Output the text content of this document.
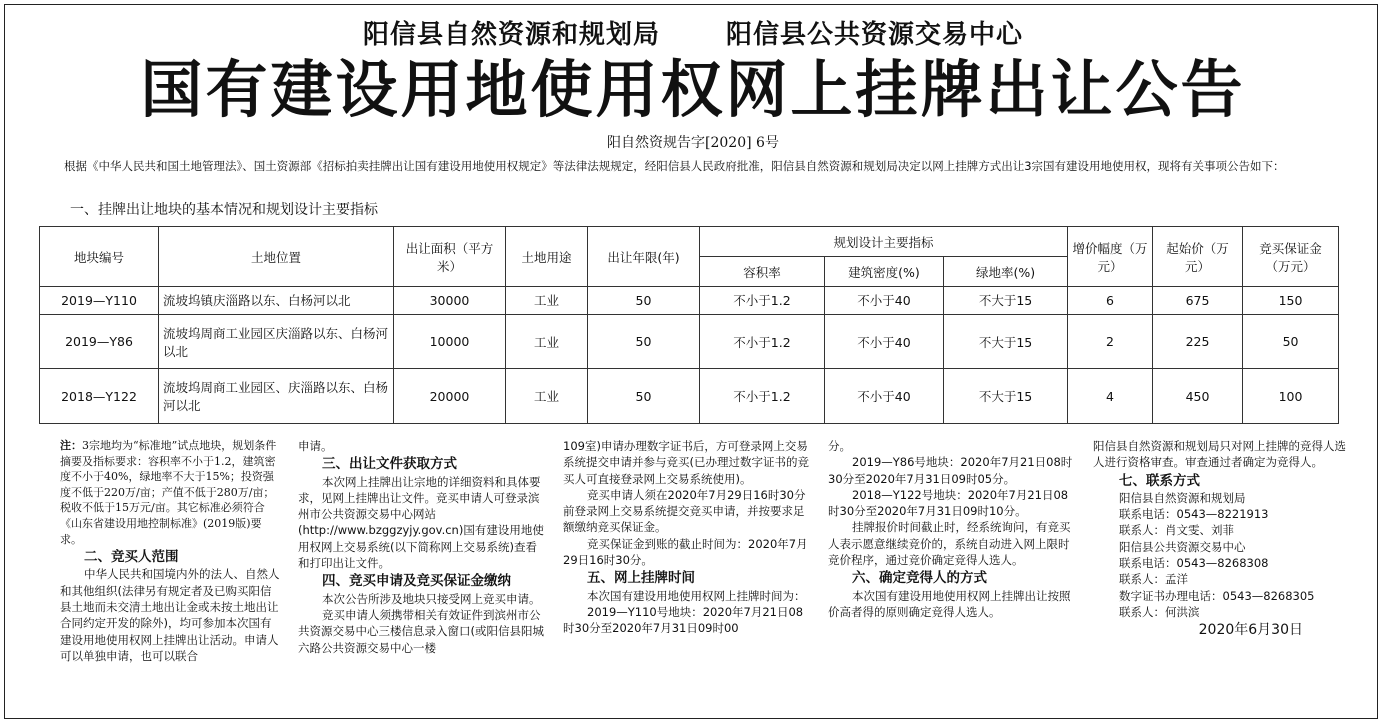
阳信县自然资源和规划局	阳信县公共资源交易中心
国有建设用地使用权网上挂牌出让公告
阳自然资规告字[2020] 6号
根据《中华人民共和国土地管理法》、国土资源部《招标拍卖挂牌出让国有建设用地使用权规定》等法律法规规定，经阳信县人民政府批准，阳信县自然资源和规划局决定以网上挂牌方式出让3宗国有建设用地使用权，现将有关事项公告如下：
一、挂牌出让地块的基本情况和规划设计主要指标
地块编号	土地位置	出让面积（平方米）	土地用途	出让年限(年)	规划设计主要指标			增价幅度（万元）	起始价（万元）	竞买保证金（万元）
					容积率	建筑密度(%)	绿地率(%)			
2019—Y110	流坡坞镇庆淄路以东、白杨河以北	30000	工业	50	不小于1.2	不小于40	不大于15	6	675	150
2019—Y86	流坡坞周商工业园区庆淄路以东、白杨河以北	10000	工业	50	不小于1.2	不小于40	不大于15	2	225	50
2018—Y122	流坡坞周商工业园区、庆淄路以东、白杨河以北	20000	工业	50	不小于1.2	不小于40	不大于15	4	450	100
注：3宗地均为“标准地”试点地块，规划条件摘要及指标要求：容积率不小于1.2，建筑密度不小于40%，绿地率不大于15%；投资强度不低于220万/亩；产值不低于280万/亩；税收不低于15万元/亩。其它标准必须符合《山东省建设用地控制标准》(2019版)要求。
二、竞买人范围

中华人民共和国境内外的法人、自然人和其他组织(法律另有规定者及已购买阳信县土地而未交清土地出让金或未按土地出让合同约定开发的除外)，均可参加本次国有建设用地使用权网上挂牌出让活动。申请人可以单独申请，也可以联合

申请。

三、出让文件获取方式

本次网上挂牌出让宗地的详细资料和具体要求，见网上挂牌出让文件。竞买申请人可登录滨州市公共资源交易中心网站(http://www.bzggzyjy.gov.cn)国有建设用地使用权网上交易系统(以下简称网上交易系统)查看和打印出让文件。

四、竞买申请及竞买保证金缴纳

本次公告所涉及地块只接受网上竞买申请。

竞买申请人须携带相关有效证件到滨州市公共资源交易中心三楼信息录入窗口(或阳信县阳城六路公共资源交易中心一楼

109室)申请办理数字证书后，方可登录网上交易系统提交申请并参与竞买(已办理过数字证书的竞买人可直接登录网上交易系统使用)。

竞买申请人须在2020年7月29日16时30分前登录网上交易系统提交竞买申请，并按要求足额缴纳竞买保证金。

竞买保证金到账的截止时间为：2020年7月29日16时30分。

五、网上挂牌时间

本次国有建设用地使用权网上挂牌时间为：

2019—Y110号地块：2020年7月21日08时30分至2020年7月31日09时00

分。

2019—Y86号地块：2020年7月21日08时30分至2020年7月31日09时05分。

2018—Y122号地块：2020年7月21日08时30分至2020年7月31日09时10分。

挂牌报价时间截止时，经系统询问，有竞买人表示愿意继续竞价的，系统自动进入网上限时竞价程序，通过竞价确定竞得人选人。

六、确定竞得人的方式

本次国有建设用地使用权网上挂牌出让按照价高者得的原则确定竞得人选人。

阳信县自然资源和规划局只对网上挂牌的竞得人选人进行资格审查。审查通过者确定为竞得人。

七、联系方式

阳信县自然资源和规划局

联系电话：0543—8221913

联系人：肖文雯、刘菲

阳信县公共资源交易中心

联系电话：0543—8268308

联系人：孟洋

数字证书办理电话：0543—8268305

联系人：何洪滨

2020年6月30日
